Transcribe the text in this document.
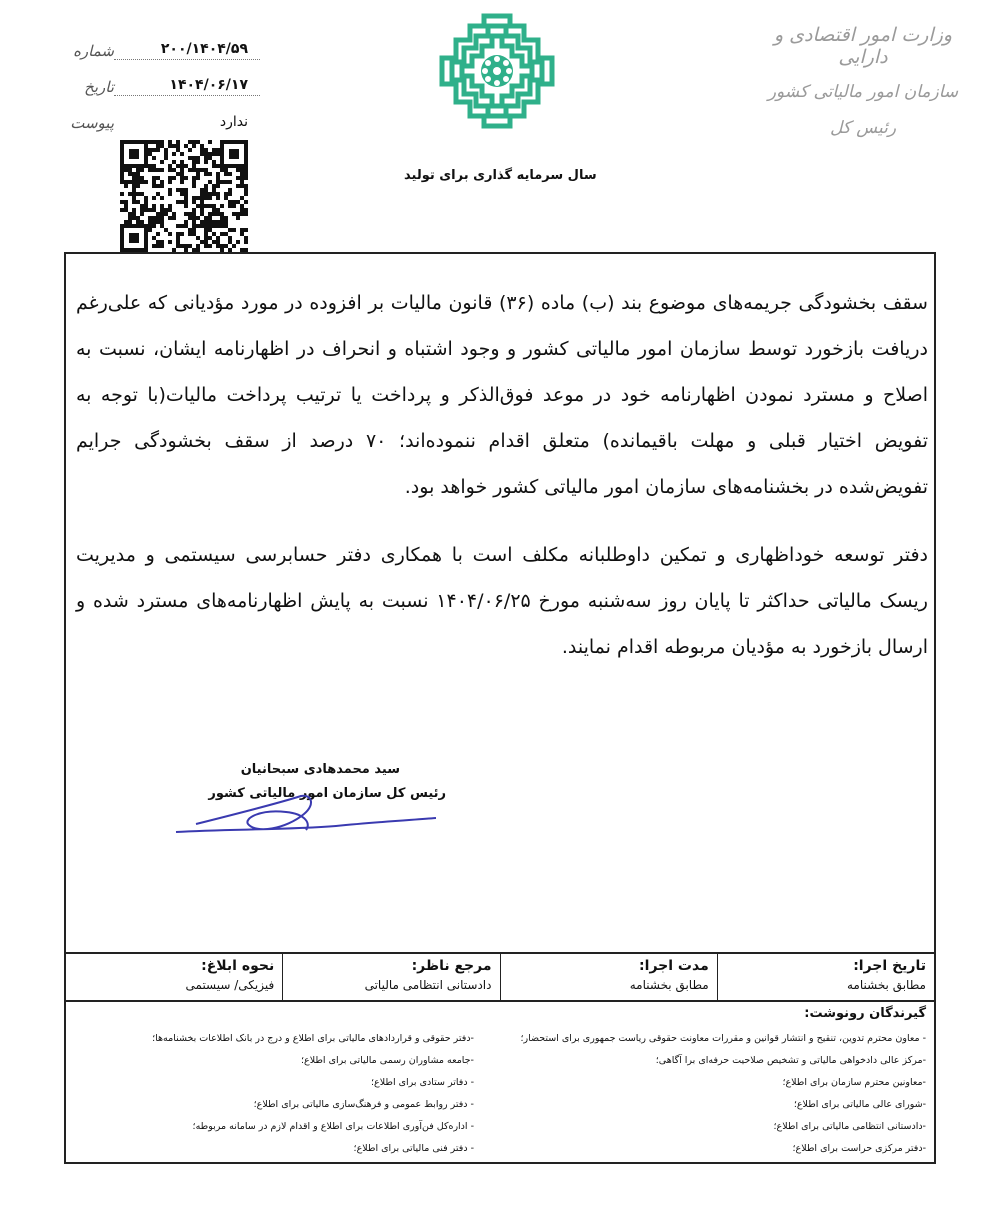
وزارت امور اقتصادی و دارایی
سازمان امور مالیاتی کشور
رئیس کل
شماره	۲۰۰/۱۴۰۴/۵۹
تاریخ	۱۴۰۴/۰۶/۱۷
پیوست	ندارد
سال سرمایه گذاری برای تولید

سقف بخشودگی جریمه‌های موضوع بند (ب) ماده (۳۶) قانون مالیات بر افزوده در مورد مؤدیانی که علی‌رغم دریافت بازخورد توسط سازمان امور مالیاتی کشور و وجود اشتباه و انحراف در اظهارنامه ایشان، نسبت به اصلاح و مسترد نمودن اظهارنامه خود در موعد فوق‌الذکر و پرداخت یا ترتیب پرداخت مالیات(با توجه به تفویض اختیار قبلی و مهلت باقیمانده) متعلق اقدام ننموده‌اند؛ ۷۰ درصد از سقف بخشودگی جرایم تفویض‌شده در بخشنامه‌های سازمان امور مالیاتی کشور خواهد بود.

دفتر توسعه خوداظهاری و تمکین داوطلبانه مکلف است با همکاری دفتر حسابرسی سیستمی و مدیریت ریسک مالیاتی حداکثر تا پایان روز سه‌شنبه مورخ ۱۴۰۴/۰۶/۲۵ نسبت به پایش اظهارنامه‌های مسترد شده و ارسال بازخورد به مؤدیان مربوطه اقدام نمایند.

سید محمدهادی سبحانیان
رئیس کل سازمان امور مالیاتی کشور
تاریخ اجرا:
مطابق بخشنامه
مدت اجرا:
مطابق بخشنامه
مرجع ناظر:
دادستانی انتظامی مالیاتی
نحوه ابلاغ:
فیزیکی/ سیستمی
گیرندگان رونوشت:
- معاون محترم تدوین، تنقیح و انتشار قوانین و مقررات معاونت حقوقی ریاست جمهوری برای استحضار؛
-مرکز عالی دادخواهی مالیاتی و تشخیص صلاحیت حرفه‌ای برا آگاهی؛
-معاونین محترم سازمان برای اطلاع؛
-شورای عالی مالیاتی برای اطلاع؛
-دادستانی انتظامی مالیاتی برای اطلاع؛
-دفتر مرکزی حراست برای اطلاع؛
-دفتر حقوقی و قراردادهای مالیاتی برای اطلاع و درج در بانک اطلاعات بخشنامه‌ها؛
-جامعه مشاوران رسمی مالیاتی برای اطلاع؛
- دفاتر ستادی برای اطلاع؛
- دفتر روابط عمومی و فرهنگ‌سازی مالیاتی برای اطلاع؛
- اداره‌کل فن‌آوری اطلاعات برای اطلاع و اقدام لازم در سامانه مربوطه؛
- دفتر فنی مالیاتی برای اطلاع؛
